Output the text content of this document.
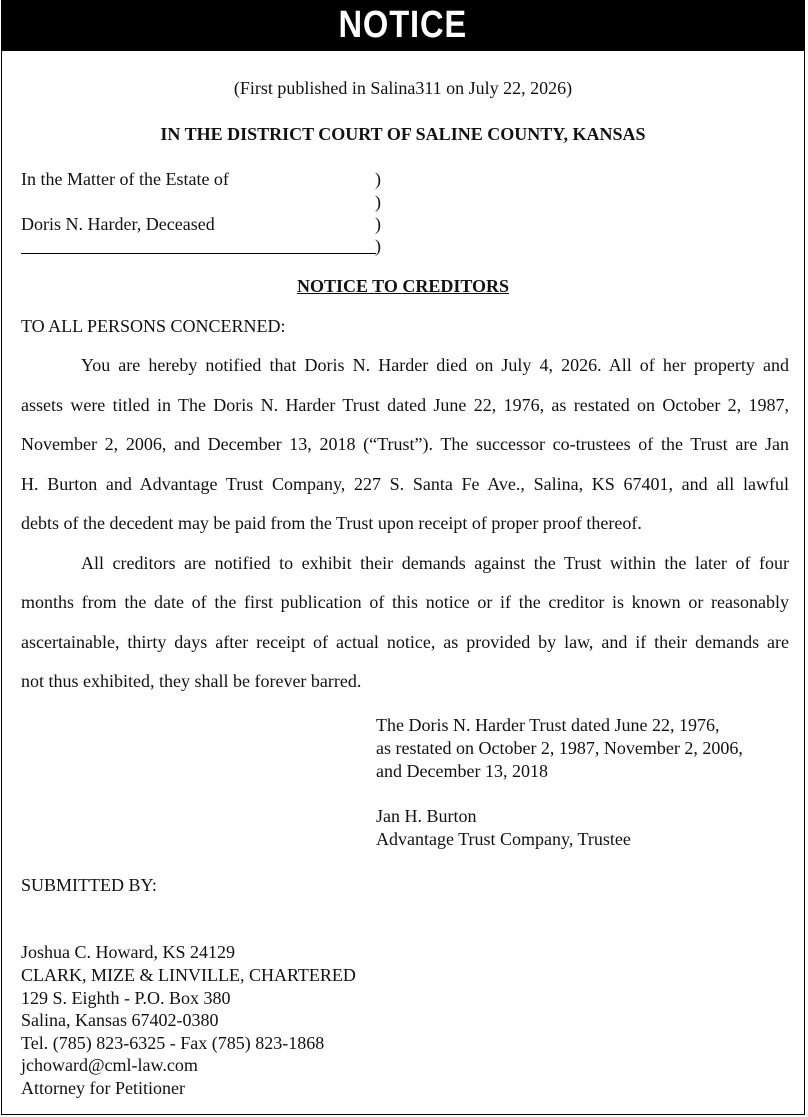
NOTICE
(First published in Salina311 on July 22, 2026)
IN THE DISTRICT COURT OF SALINE COUNTY, KANSAS
In the Matter of the Estate of
Doris N. Harder, Deceased
)
)
)
)
NOTICE TO CREDITORS
TO ALL PERSONS CONCERNED:
You are hereby notified that Doris N. Harder died on July 4, 2026. All of her property and
assets were titled in The Doris N. Harder Trust dated June 22, 1976, as restated on October 2, 1987,
November 2, 2006, and December 13, 2018 (“Trust”). The successor co-trustees of the Trust are Jan
H. Burton and Advantage Trust Company, 227 S. Santa Fe Ave., Salina, KS 67401, and all lawful
debts of the decedent may be paid from the Trust upon receipt of proper proof thereof.
All creditors are notified to exhibit their demands against the Trust within the later of four
months from the date of the first publication of this notice or if the creditor is known or reasonably
ascertainable, thirty days after receipt of actual notice, as provided by law, and if their demands are
not thus exhibited, they shall be forever barred.
The Doris N. Harder Trust dated June 22, 1976,
as restated on October 2, 1987, November 2, 2006,
and December 13, 2018
Jan H. Burton
Advantage Trust Company, Trustee
SUBMITTED BY:
Joshua C. Howard, KS 24129
CLARK, MIZE & LINVILLE, CHARTERED
129 S. Eighth - P.O. Box 380
Salina, Kansas 67402-0380
Tel. (785) 823-6325 - Fax (785) 823-1868
jchoward@cml-law.com
Attorney for Petitioner
